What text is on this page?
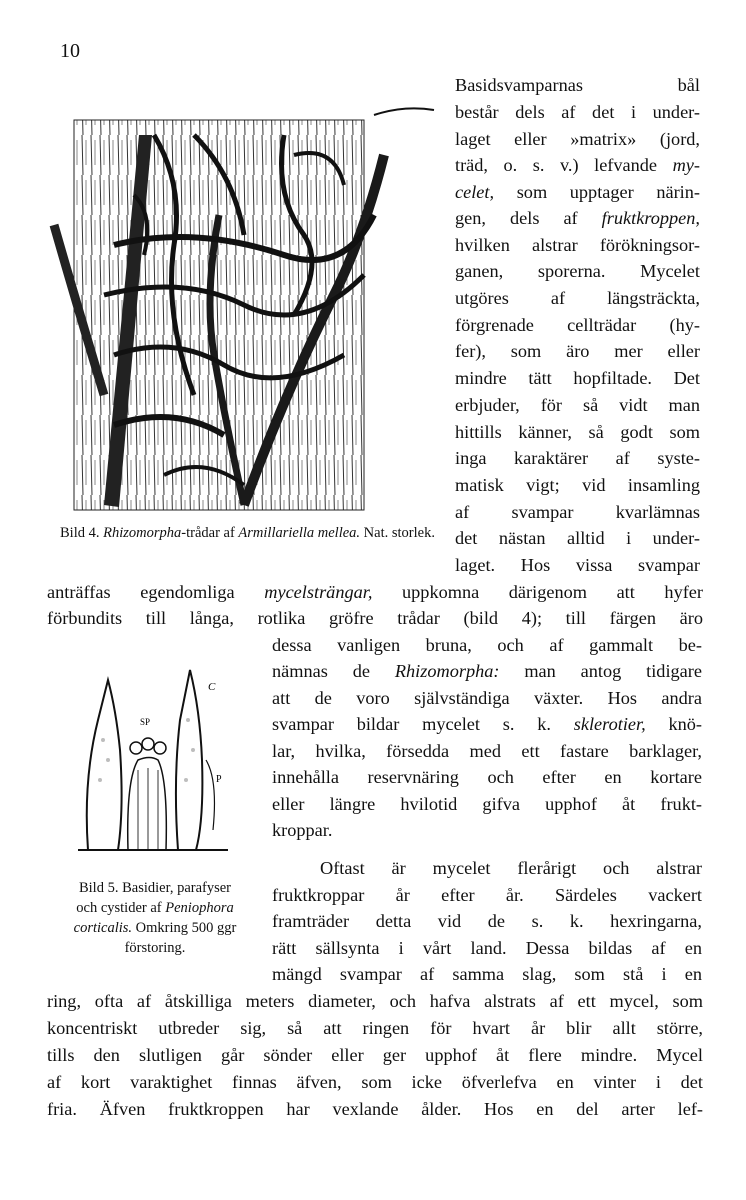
10
Bild 4. Rhizomorpha-trådar af Armillariella mellea. Nat. storlek.
C
SP
P
Bild 5. Basidier, parafyser
och cystider af Peniophora
corticalis. Omkring 500 ggr
förstoring.
Basidsvamparnas bål
består dels af det i under-
laget eller »matrix» (jord,
träd, o. s. v.) lefvande my-
celet, som upptager närin-
gen, dels af fruktkroppen,
hvilken alstrar förökningsor-
ganen, sporerna. Mycelet
utgöres af längsträckta,
förgrenade cellträdar (hy-
fer), som äro mer eller
mindre tätt hopfiltade. Det
erbjuder, för så vidt man
hittills känner, så godt som
inga karaktärer af syste-
matisk vigt; vid insamling
af svampar kvarlämnas
det nästan alltid i under-
laget. Hos vissa svampar
anträffas egendomliga mycelsträngar, uppkomna därigenom att hyfer
förbundits till långa, rotlika gröfre trådar (bild 4); till färgen äro
dessa vanligen bruna, och af gammalt be-
nämnas de Rhizomorpha: man antog tidigare
att de voro självständiga växter. Hos andra
svampar bildar mycelet s. k. sklerotier, knö-
lar, hvilka, försedda med ett fastare barklager,
innehålla reservnäring och efter en kortare
eller längre hvilotid gifva upphof åt frukt-
kroppar.
Oftast är mycelet flerårigt och alstrar
fruktkroppar år efter år. Särdeles vackert
framträder detta vid de s. k. hexringarna,
rätt sällsynta i vårt land. Dessa bildas af en
mängd svampar af samma slag, som stå i en
ring, ofta af åtskilliga meters diameter, och hafva alstrats af ett mycel, som
koncentriskt utbreder sig, så att ringen för hvart år blir allt större,
tills den slutligen går sönder eller ger upphof åt flere mindre. Mycel
af kort varaktighet finnas äfven, som icke öfverlefva en vinter i det
fria. Äfven fruktkroppen har vexlande ålder. Hos en del arter lef-
